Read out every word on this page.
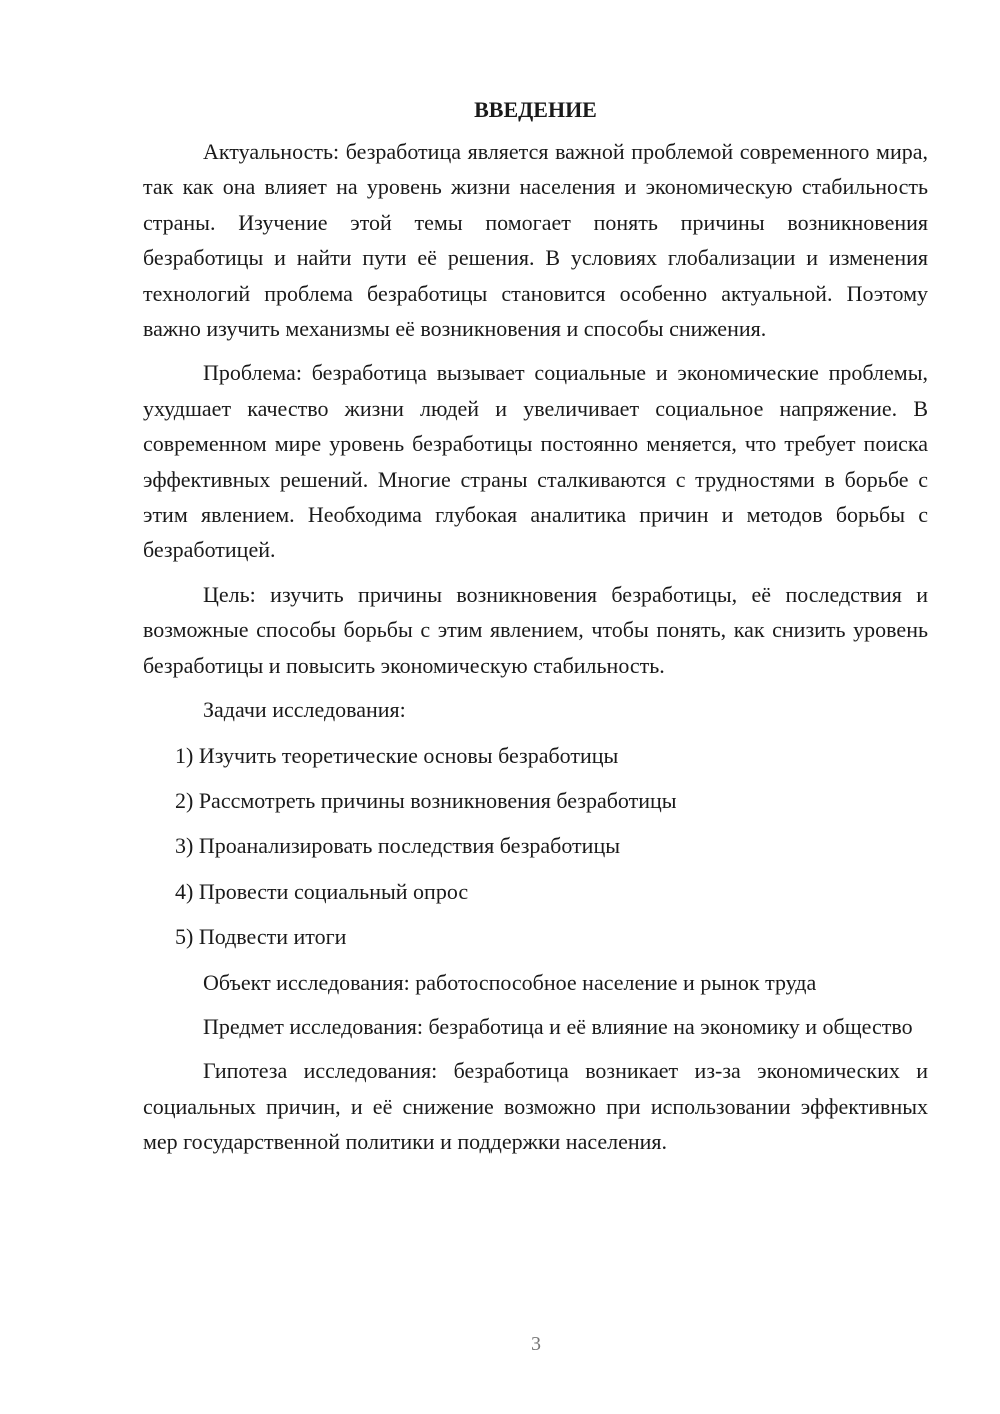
ВВЕДЕНИЕ

Актуальность: безработица является важной проблемой современного мира, так как она влияет на уровень жизни населения и экономическую стабильность страны. Изучение этой темы помогает понять причины возникновения безработицы и найти пути её решения. В условиях глобализации и изменения технологий проблема безработицы становится особенно актуальной. Поэтому важно изучить механизмы её возникновения и способы снижения.

Проблема: безработица вызывает социальные и экономические проблемы, ухудшает качество жизни людей и увеличивает социальное напряжение. В современном мире уровень безработицы постоянно меняется, что требует поиска эффективных решений. Многие страны сталкиваются с трудностями в борьбе с этим явлением. Необходима глубокая аналитика причин и методов борьбы с безработицей.

Цель: изучить причины возникновения безработицы, её последствия и возможные способы борьбы с этим явлением, чтобы понять, как снизить уровень безработицы и повысить экономическую стабильность.

Задачи исследования:

1) Изучить теоретические основы безработицы
2) Рассмотреть причины возникновения безработицы
3) Проанализировать последствия безработицы
4) Провести социальный опрос
5) Подвести итоги

Объект исследования: работоспособное население и рынок труда

Предмет исследования: безработица и её влияние на экономику и общество

Гипотеза исследования: безработица возникает из-за экономических и социальных причин, и её снижение возможно при использовании эффективных мер государственной политики и поддержки населения.

3
